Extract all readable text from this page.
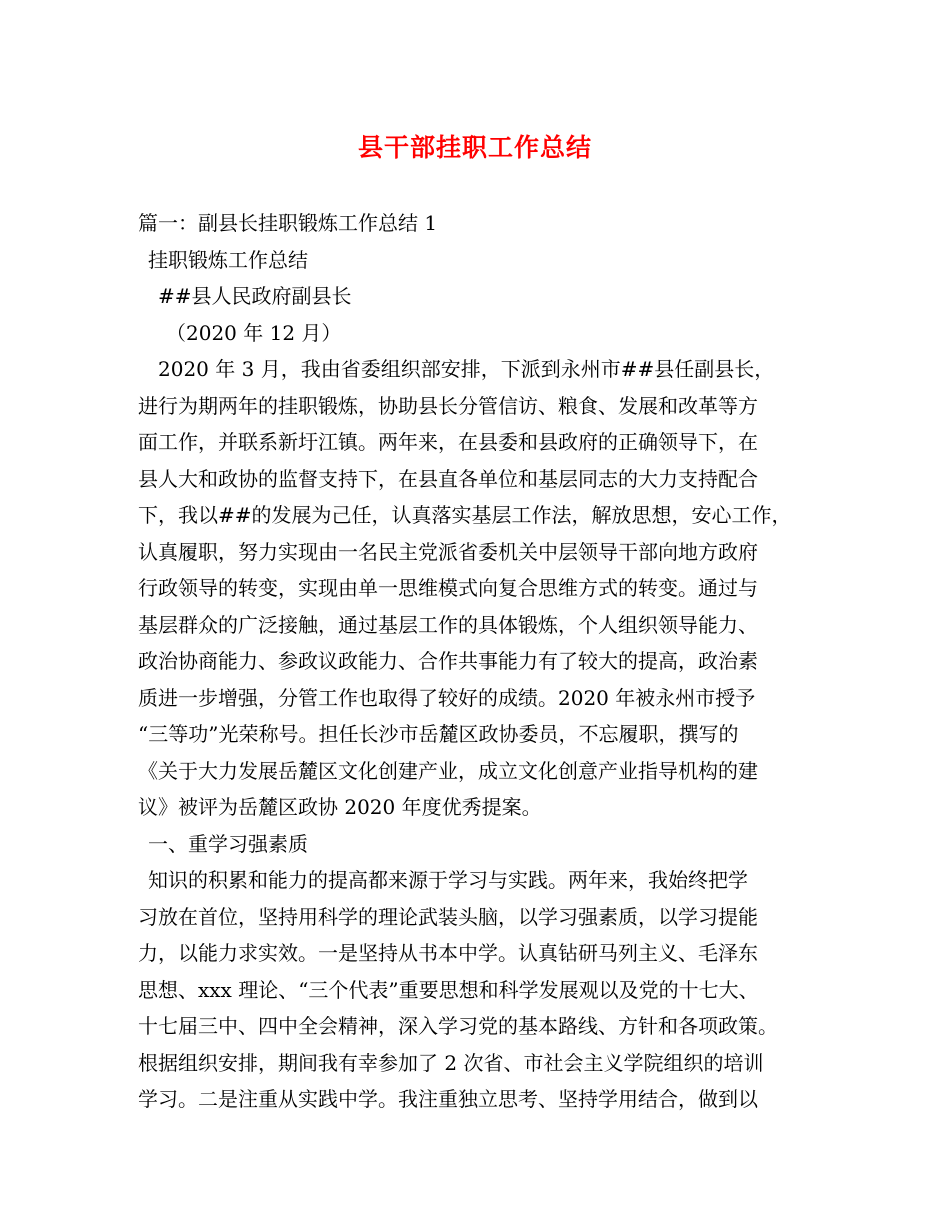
县干部挂职工作总结
篇一：副县长挂职锻炼工作总结 1
挂职锻炼工作总结
##县人民政府副县长
（2020 年 12 月）
2020 年 3 月，我由省委组织部安排，下派到永州市##县任副县长，
进行为期两年的挂职锻炼，协助县长分管信访、粮食、发展和改革等方
面工作，并联系新圩江镇。两年来，在县委和县政府的正确领导下，在
县人大和政协的监督支持下，在县直各单位和基层同志的大力支持配合
下，我以##的发展为己任，认真落实基层工作法，解放思想，安心工作，
认真履职，努力实现由一名民主党派省委机关中层领导干部向地方政府
行政领导的转变，实现由单一思维模式向复合思维方式的转变。通过与
基层群众的广泛接触，通过基层工作的具体锻炼，个人组织领导能力、
政治协商能力、参政议政能力、合作共事能力有了较大的提高，政治素
质进一步增强，分管工作也取得了较好的成绩。2020 年被永州市授予
“三等功”光荣称号。担任长沙市岳麓区政协委员，不忘履职，撰写的
《关于大力发展岳麓区文化创建产业，成立文化创意产业指导机构的建
议》被评为岳麓区政协 2020 年度优秀提案。
一、重学习强素质
知识的积累和能力的提高都来源于学习与实践。两年来，我始终把学
习放在首位，坚持用科学的理论武装头脑，以学习强素质，以学习提能
力，以能力求实效。一是坚持从书本中学。认真钻研马列主义、毛泽东
思想、xxx 理论、“三个代表”重要思想和科学发展观以及党的十七大、
十七届三中、四中全会精神，深入学习党的基本路线、方针和各项政策。
根据组织安排，期间我有幸参加了 2 次省、市社会主义学院组织的培训
学习。二是注重从实践中学。我注重独立思考、坚持学用结合，做到以
